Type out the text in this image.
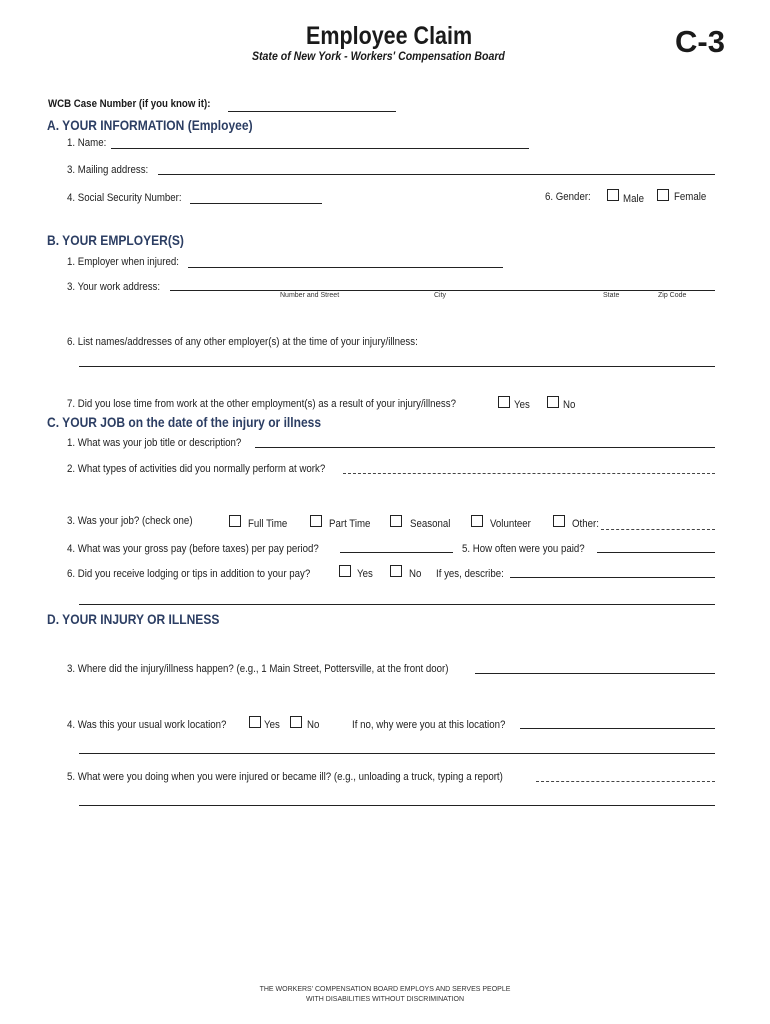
Employee Claim
State of New York - Workers' Compensation Board	C-3
WCB Case Number (if you know it):
A. YOUR INFORMATION (Employee)
1. Name:
3. Mailing address:
4. Social Security Number:	6. Gender:	Male	Female
B. YOUR EMPLOYER(S)
1. Employer when injured:
3. Your work address:
Number and Street	City	State	Zip Code
6. List names/addresses of any other employer(s) at the time of your injury/illness:
7. Did you lose time from work at the other employment(s) as a result of your injury/illness?	Yes	No
C. YOUR JOB on the date of the injury or illness
1. What was your job title or description?
2. What types of activities did you normally perform at work?
3. Was your job? (check one)	Full Time	Part Time	Seasonal	Volunteer	Other:
4. What was your gross pay (before taxes) per pay period?	5. How often were you paid?
6. Did you receive lodging or tips in addition to your pay?	Yes	No If yes, describe:
D. YOUR INJURY OR ILLNESS
3. Where did the injury/illness happen? (e.g., 1 Main Street, Pottersville, at the front door)
4. Was this your usual work location?	Yes No	If no, why were you at this location?
5. What were you doing when you were injured or became ill? (e.g., unloading a truck, typing a report)
THE WORKERS' COMPENSATION BOARD EMPLOYS AND SERVES PEOPLE
WITH DISABILITIES WITHOUT DISCRIMINATION
